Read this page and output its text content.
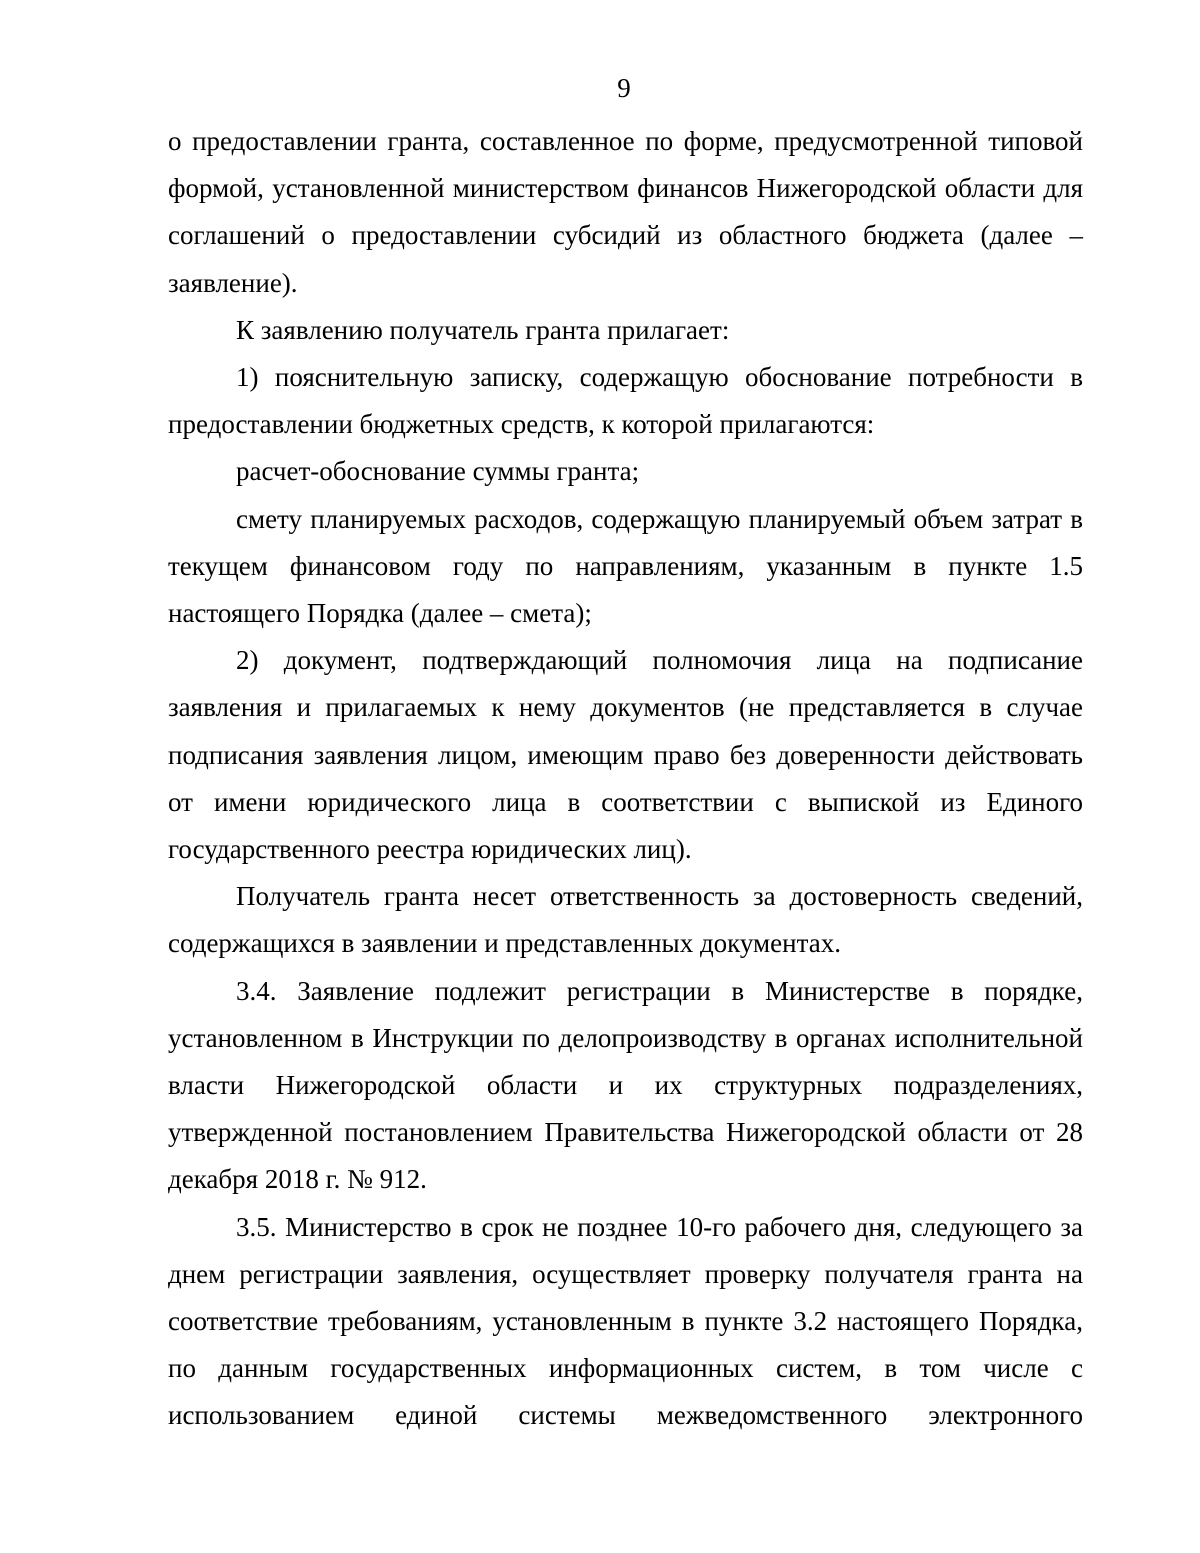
9

о предоставлении гранта, составленное по форме, предусмотренной типовой формой, установленной министерством финансов Нижегородской области для соглашений о предоставлении субсидий из областного бюджета (далее – заявление).

К заявлению получатель гранта прилагает:

1) пояснительную записку, содержащую обоснование потребности в предоставлении бюджетных средств, к которой прилагаются:

расчет-обоснование суммы гранта;

смету планируемых расходов, содержащую планируемый объем затрат в текущем финансовом году по направлениям, указанным в пункте 1.5 настоящего Порядка (далее – смета);

2) документ, подтверждающий полномочия лица на подписание заявления и прилагаемых к нему документов (не представляется в случае подписания заявления лицом, имеющим право без доверенности действовать от имени юридического лица в соответствии с выпиской из Единого государственного реестра юридических лиц).

Получатель гранта несет ответственность за достоверность сведений, содержащихся в заявлении и представленных документах.

3.4. Заявление подлежит регистрации в Министерстве в порядке, установленном в Инструкции по делопроизводству в органах исполнительной власти Нижегородской области и их структурных подразделениях, утвержденной постановлением Правительства Нижегородской области от 28 декабря 2018 г. № 912.

3.5. Министерство в срок не позднее 10-го рабочего дня, следующего за днем регистрации заявления, осуществляет проверку получателя гранта на соответствие требованиям, установленным в пункте 3.2 настоящего Порядка, по данным государственных информационных систем, в том числе с использованием единой системы межведомственного электронного
